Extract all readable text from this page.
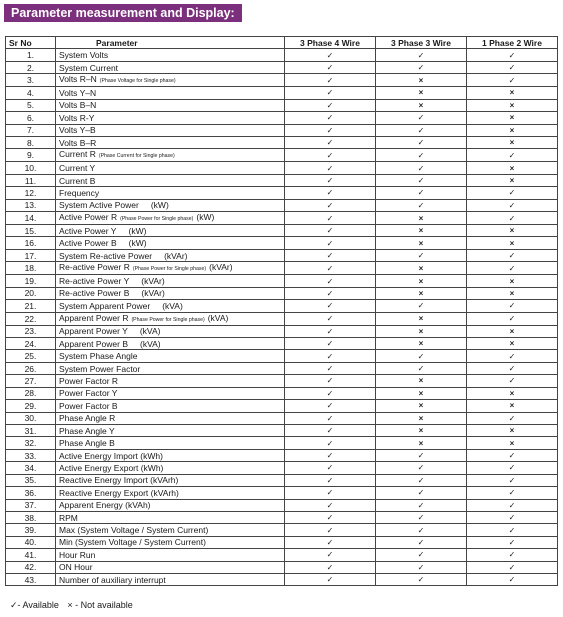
Parameter measurement and Display:
Sr No	Parameter	3 Phase 4 Wire	3 Phase 3 Wire	1 Phase 2 Wire
1.	System Volts	✓	✓	✓
2.	System Current	✓	✓	✓
3.	Volts R–N (Phase Voltage for Single phase)	✓	×	✓
4.	Volts Y–N	✓	×	×
5.	Volts B–N	✓	×	×
6.	Volts R-Y	✓	✓	×
7.	Volts Y–B	✓	✓	×
8.	Volts B–R	✓	✓	×
9.	Current R (Phase Current for Single phase)	✓	✓	✓
10.	Current Y	✓	✓	×
11.	Current B	✓	✓	×
12.	Frequency	✓	✓	✓
13.	System Active Power (kW)	✓	✓	✓
14.	Active Power R (Phase Power for Single phase) (kW)	✓	×	✓
15.	Active Power Y (kW)	✓	×	×
16.	Active Power B (kW)	✓	×	×
17.	System Re-active Power (kVAr)	✓	✓	✓
18.	Re-active Power R (Phase Power for Single phase) (kVAr)	✓	×	✓
19.	Re-active Power Y (kVAr)	✓	×	×
20.	Re-active Power B (kVAr)	✓	×	×
21.	System Apparent Power (kVA)	✓	✓	✓
22.	Apparent Power R (Phase Power for Single phase) (kVA)	✓	×	✓
23.	Apparent Power Y (kVA)	✓	×	×
24.	Apparent Power B (kVA)	✓	×	×
25.	System Phase Angle	✓	✓	✓
26.	System Power Factor	✓	✓	✓
27.	Power Factor R	✓	×	✓
28.	Power Factor Y	✓	×	×
29.	Power Factor B	✓	×	×
30.	Phase Angle R	✓	×	✓
31.	Phase Angle Y	✓	×	×
32.	Phase Angle B	✓	×	×
33.	Active Energy Import (kWh)	✓	✓	✓
34.	Active Energy Export (kWh)	✓	✓	✓
35.	Reactive Energy Import (kVArh)	✓	✓	✓
36.	Reactive Energy Export (kVArh)	✓	✓	✓
37.	Apparent Energy (kVAh)	✓	✓	✓
38.	RPM	✓	✓	✓
39.	Max (System Voltage / System Current)	✓	✓	✓
40.	Min (System Voltage / System Current)	✓	✓	✓
41.	Hour Run	✓	✓	✓
42.	ON Hour	✓	✓	✓
43.	Number of auxiliary interrupt	✓	✓	✓
✓- Available × - Not available
